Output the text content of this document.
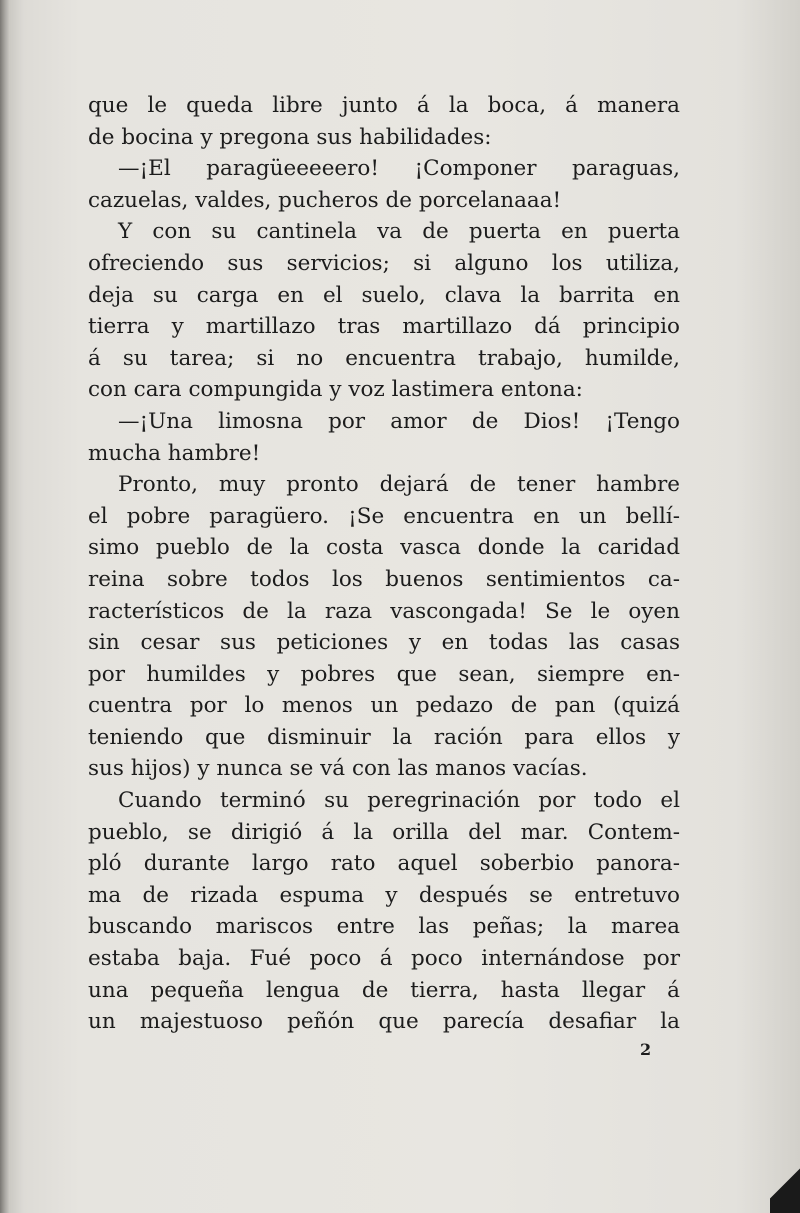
que le queda libre junto á la boca, á manera
de bocina y pregona sus habilidades:
—¡El paragüeeeeero! ¡Componer paraguas,
cazuelas, valdes, pucheros de porcelanaaa!
Y con su cantinela va de puerta en puerta
ofreciendo sus servicios; si alguno los utiliza,
deja su carga en el suelo, clava la barrita en
tierra y martillazo tras martillazo dá principio
á su tarea; si no encuentra trabajo, humilde,
con cara compungida y voz lastimera entona:
—¡Una limosna por amor de Dios! ¡Tengo
mucha hambre!
Pronto, muy pronto dejará de tener hambre
el pobre paragüero. ¡Se encuentra en un bellí-
simo pueblo de la costa vasca donde la caridad
reina sobre todos los buenos sentimientos ca-
racterísticos de la raza vascongada! Se le oyen
sin cesar sus peticiones y en todas las casas
por humildes y pobres que sean, siempre en-
cuentra por lo menos un pedazo de pan (quizá
teniendo que disminuir la ración para ellos y
sus hijos) y nunca se vá con las manos vacías.
Cuando terminó su peregrinación por todo el
pueblo, se dirigió á la orilla del mar. Contem-
pló durante largo rato aquel soberbio panora-
ma de rizada espuma y después se entretuvo
buscando mariscos entre las peñas; la marea
estaba baja. Fué poco á poco internándose por
una pequeña lengua de tierra, hasta llegar á
un majestuoso peñón que parecía desafiar la
2
